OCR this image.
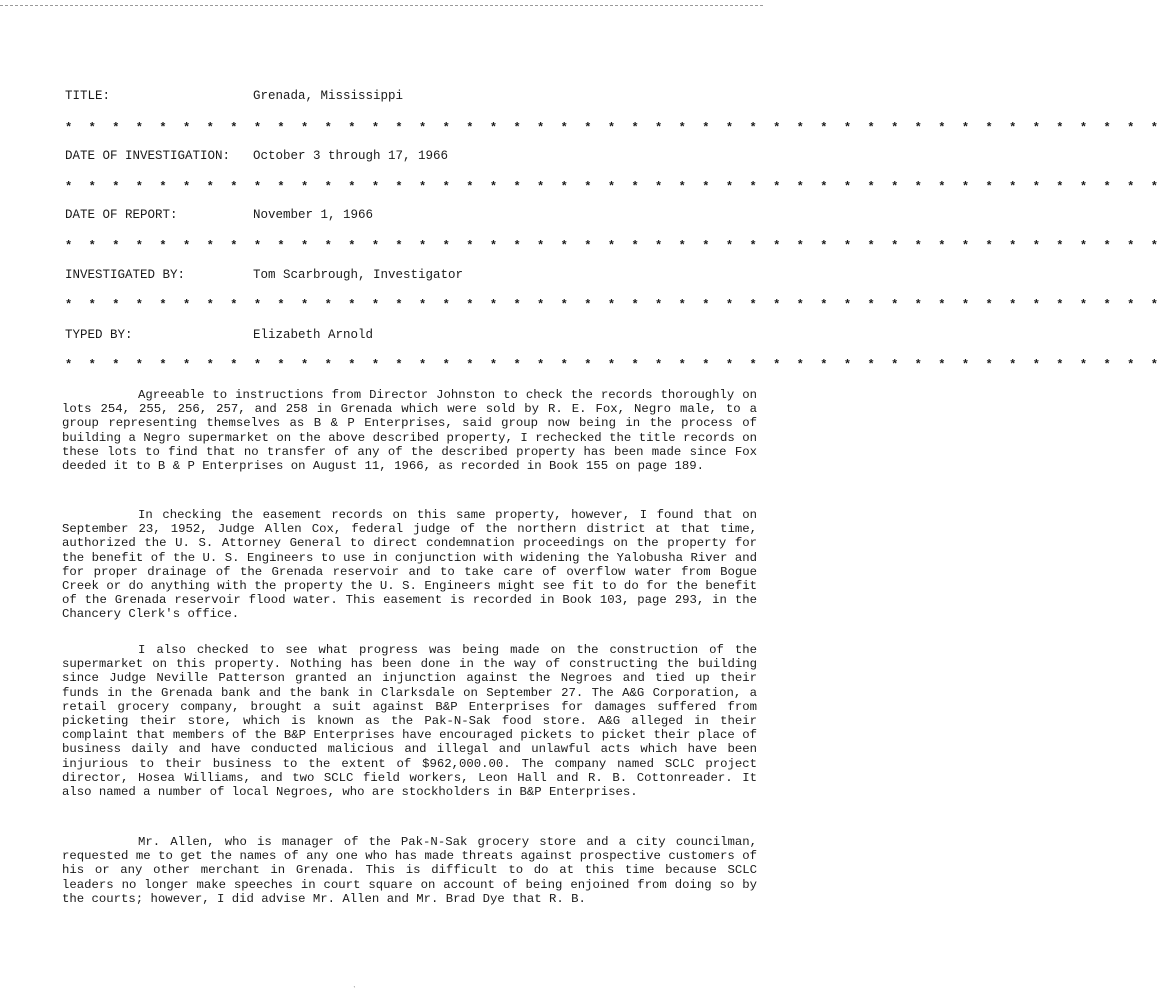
TITLE:	Grenada, Mississippi
* * * * * * * * * * * * * * * * * * * * * * * * * * * * * * * * * * * * * * * * * * * * * * *
DATE OF INVESTIGATION: October 3 through 17, 1966
* * * * * * * * * * * * * * * * * * * * * * * * * * * * * * * * * * * * * * * * * * * * * * *
DATE OF REPORT:	November 1, 1966
* * * * * * * * * * * * * * * * * * * * * * * * * * * * * * * * * * * * * * * * * * * * * * *
INVESTIGATED BY:	Tom Scarbrough, Investigator
* * * * * * * * * * * * * * * * * * * * * * * * * * * * * * * * * * * * * * * * * * * * * * *
TYPED BY:	Elizabeth Arnold
* * * * * * * * * * * * * * * * * * * * * * * * * * * * * * * * * * * * * * * * * * * * * * *

Agreeable to instructions from Director Johnston to check the records thoroughly on lots 254, 255, 256, 257, and 258 in Grenada which were sold by R. E. Fox, Negro male, to a group representing themselves as B & P Enterprises, said group now being in the process of building a Negro supermarket on the above described property, I rechecked the title records on these lots to find that no transfer of any of the described property has been made since Fox deeded it to B & P Enterprises on August 11, 1966, as recorded in Book 155 on page 189.

In checking the easement records on this same property, however, I found that on September 23, 1952, Judge Allen Cox, federal judge of the northern district at that time, authorized the U. S. Attorney General to direct condemnation proceedings on the property for the benefit of the U. S. Engineers to use in conjunction with widening the Yalobusha River and for proper drainage of the Grenada reservoir and to take care of overflow water from Bogue Creek or do anything with the property the U. S. Engineers might see fit to do for the benefit of the Grenada reservoir flood water. This easement is recorded in Book 103, page 293, in the Chancery Clerk's office.

I also checked to see what progress was being made on the construction of the supermarket on this property. Nothing has been done in the way of constructing the building since Judge Neville Patterson granted an injunction against the Negroes and tied up their funds in the Grenada bank and the bank in Clarksdale on September 27. The A&G Corporation, a retail grocery company, brought a suit against B&P Enterprises for damages suffered from picketing their store, which is known as the Pak-N-Sak food store. A&G alleged in their complaint that members of the B&P Enterprises have encouraged pickets to picket their place of business daily and have conducted malicious and illegal and unlawful acts which have been injurious to their business to the extent of $962,000.00. The company named SCLC project director, Hosea Williams, and two SCLC field workers, Leon Hall and R. B. Cottonreader. It also named a number of local Negroes, who are stockholders in B&P Enterprises.

Mr. Allen, who is manager of the Pak-N-Sak grocery store and a city councilman, requested me to get the names of any one who has made threats against prospective customers of his or any other merchant in Grenada. This is difficult to do at this time because SCLC leaders no longer make speeches in court square on account of being enjoined from doing so by the courts; however, I did advise Mr. Allen and Mr. Brad Dye that R. B.

ˎ
